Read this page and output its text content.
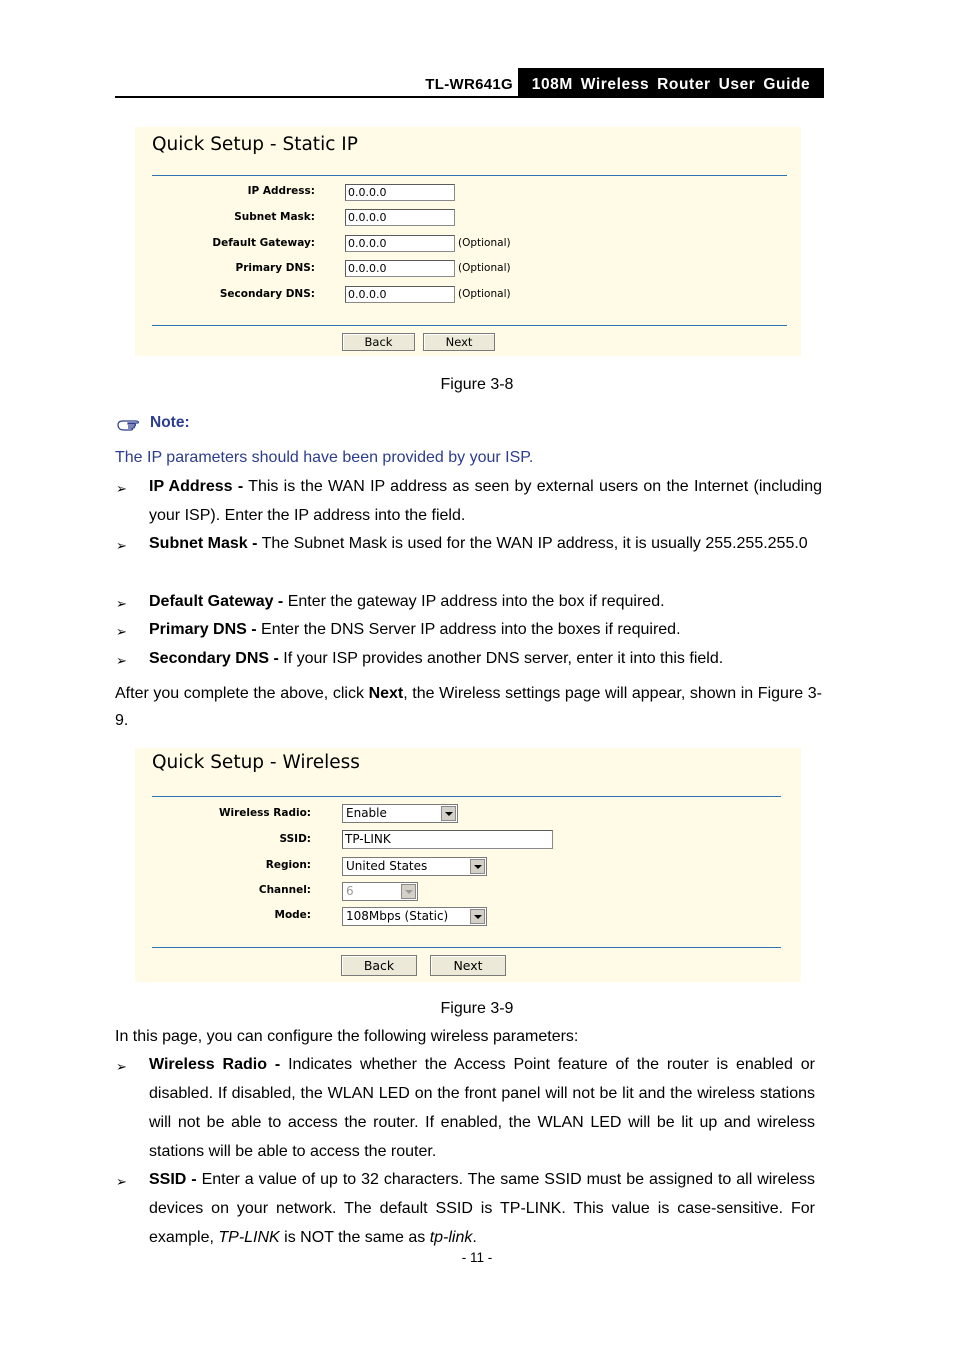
TL-WR641G	108M Wireless Router User Guide
Quick Setup - Static IP
IP Address:	0.0.0.0
Subnet Mask:	0.0.0.0
Default Gateway:	0.0.0.0	(Optional)
Primary DNS:	0.0.0.0	(Optional)
Secondary DNS:	0.0.0.0	(Optional)
Back	Next
Figure 3-8
Note:
The IP parameters should have been provided by your ISP.
➢ IP Address - This is the WAN IP address as seen by external users on the Internet (including your ISP). Enter the IP address into the field.
➢ Subnet Mask - The Subnet Mask is used for the WAN IP address, it is usually 255.255.255.0
➢ Default Gateway - Enter the gateway IP address into the box if required.
➢ Primary DNS - Enter the DNS Server IP address into the boxes if required.
➢ Secondary DNS - If your ISP provides another DNS server, enter it into this field.
After you complete the above, click Next, the Wireless settings page will appear, shown in Figure 3-9.
Quick Setup - Wireless
Wireless Radio:	Enable
SSID:	TP-LINK
Region:	United States
Channel:	6
Mode:	108Mbps (Static)
Back	Next
Figure 3-9
In this page, you can configure the following wireless parameters:
➢ Wireless Radio - Indicates whether the Access Point feature of the router is enabled or disabled. If disabled, the WLAN LED on the front panel will not be lit and the wireless stations will not be able to access the router. If enabled, the WLAN LED will be lit up and wireless stations will be able to access the router.
➢ SSID - Enter a value of up to 32 characters. The same SSID must be assigned to all wireless devices on your network. The default SSID is TP-LINK. This value is case-sensitive. For example, TP-LINK is NOT the same as tp-link.
- 11 -
